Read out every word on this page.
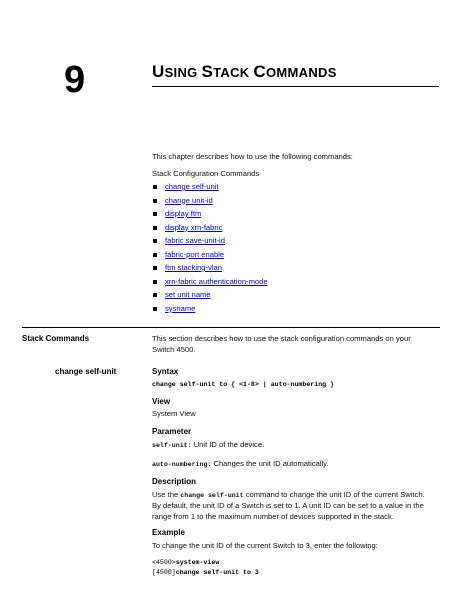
9	USING STACK COMMANDS
This chapter describes how to use the following commands:
Stack Configuration Commands
change self-unit
change unit-id
display ftm
display xrn-fabric
fabric save-unit-id
fabric-port enable
ftm stacking-vlan
xrn-fabric authentication-mode
set unit name
sysname
Stack Commands	This section describes how to use the stack configuration commands on your
Switch 4500.
change self-unit	Syntax
change self-unit to { <1-8> | auto-numbering }
View
System View
Parameter
self-unit: Unit ID of the device.
auto-numbering: Changes the unit ID automatically.
Description
Use the change self-unit command to change the unit ID of the current Switch.
By default, the unit ID of a Switch is set to 1. A unit ID can be set to a value in the
range from 1 to the maximum number of devices supported in the stack.
Example
To change the unit ID of the current Switch to 3, enter the following:
<4500>system-view
[4500]change self-unit to 3
